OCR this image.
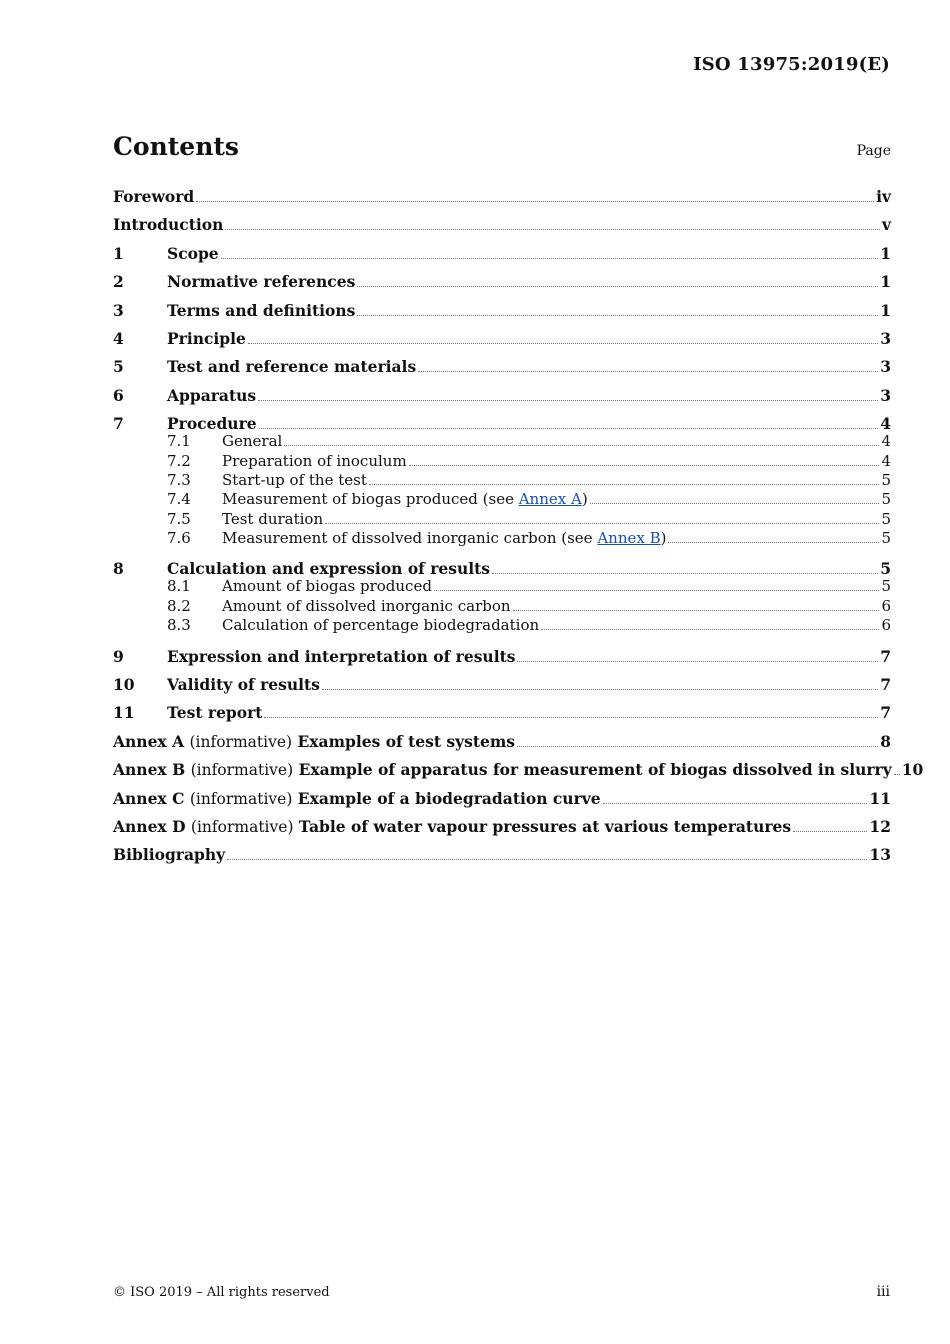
ISO 13975:2019(E)
Contents	Page
Foreword	iv
Introduction	v
1	Scope	1
2	Normative references	1
3	Terms and definitions	1
4	Principle	3
5	Test and reference materials	3
6	Apparatus	3
7	Procedure	4
7.1	General	4
7.2	Preparation of inoculum	4
7.3	Start-up of the test	5
7.4	Measurement of biogas produced (see Annex A)	5
7.5	Test duration	5
7.6	Measurement of dissolved inorganic carbon (see Annex B)	5
8	Calculation and expression of results	5
8.1	Amount of biogas produced	5
8.2	Amount of dissolved inorganic carbon	6
8.3	Calculation of percentage biodegradation	6
9	Expression and interpretation of results	7
10	Validity of results	7
11	Test report	7
Annex A (informative) Examples of test systems	8
Annex B (informative) Example of apparatus for measurement of biogas dissolved in slurry 10
Annex C (informative) Example of a biodegradation curve	11
Annex D (informative) Table of water vapour pressures at various temperatures	12
Bibliography	13
© ISO 2019 – All rights reserved	iii
